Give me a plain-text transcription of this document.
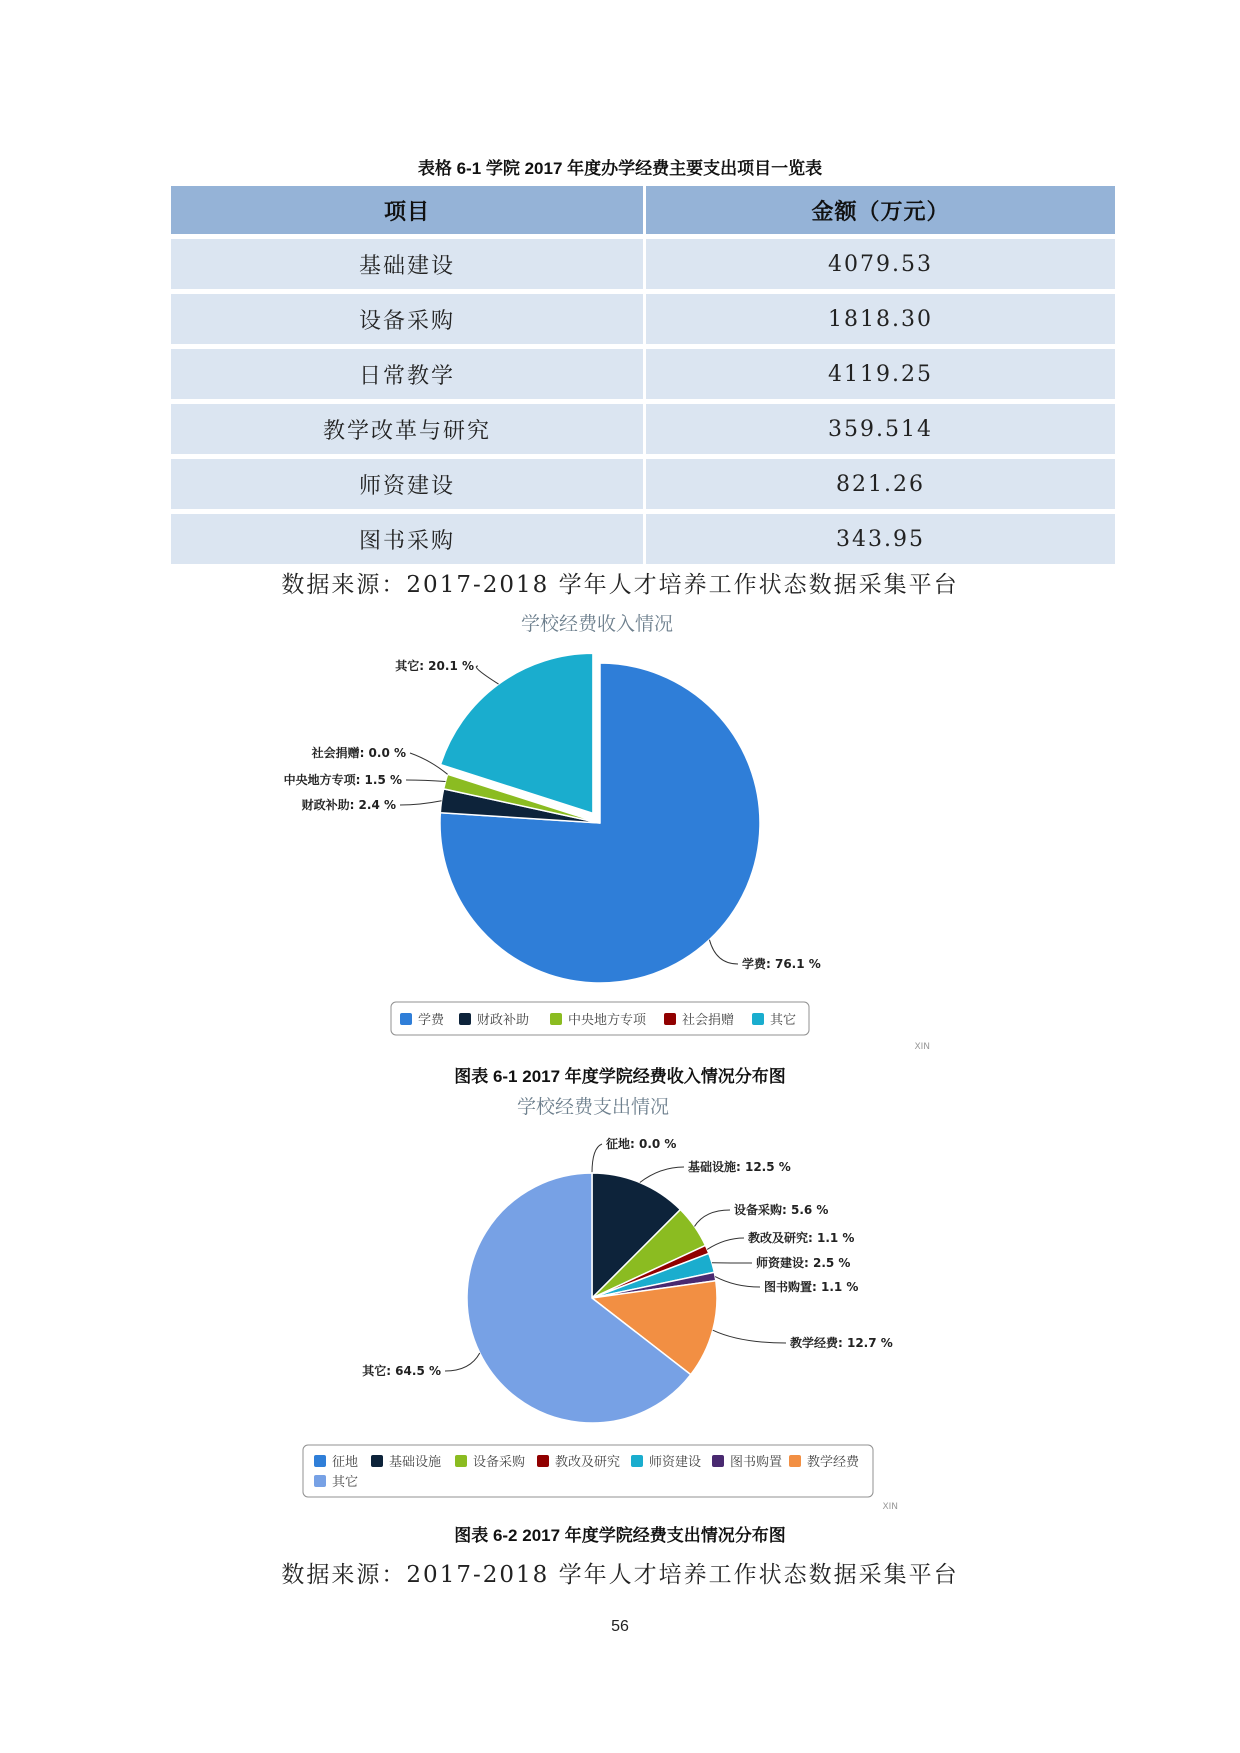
表格 6-1 学院 2017 年度办学经费主要支出项目一览表
项目	金额（万元）
基础建设	4079.53
设备采购	1818.30
日常教学	4119.25
教学改革与研究	359.514
师资建设	821.26
图书采购	343.95
数据来源：2017-2018 学年人才培养工作状态数据采集平台
学校经费收入情况
学费: 76.1 %
财政补助: 2.4 %
中央地方专项: 1.5 %
社会捐赠: 0.0 %
其它: 20.1 %
学费	财政补助	中央地方专项	社会捐赠	其它
XIN
图表 6-1 2017 年度学院经费收入情况分布图
学校经费支出情况
征地: 0.0 %
基础设施: 12.5 %
设备采购: 5.6 %
教改及研究: 1.1 %
师资建设: 2.5 %
图书购置: 1.1 %
教学经费: 12.7 %
其它: 64.5 %
征地 基础设施 设备采购 教改及研究 师资建设 图书购置 教学经费
其它
XIN
图表 6-2 2017 年度学院经费支出情况分布图
数据来源：2017-2018 学年人才培养工作状态数据采集平台
56
